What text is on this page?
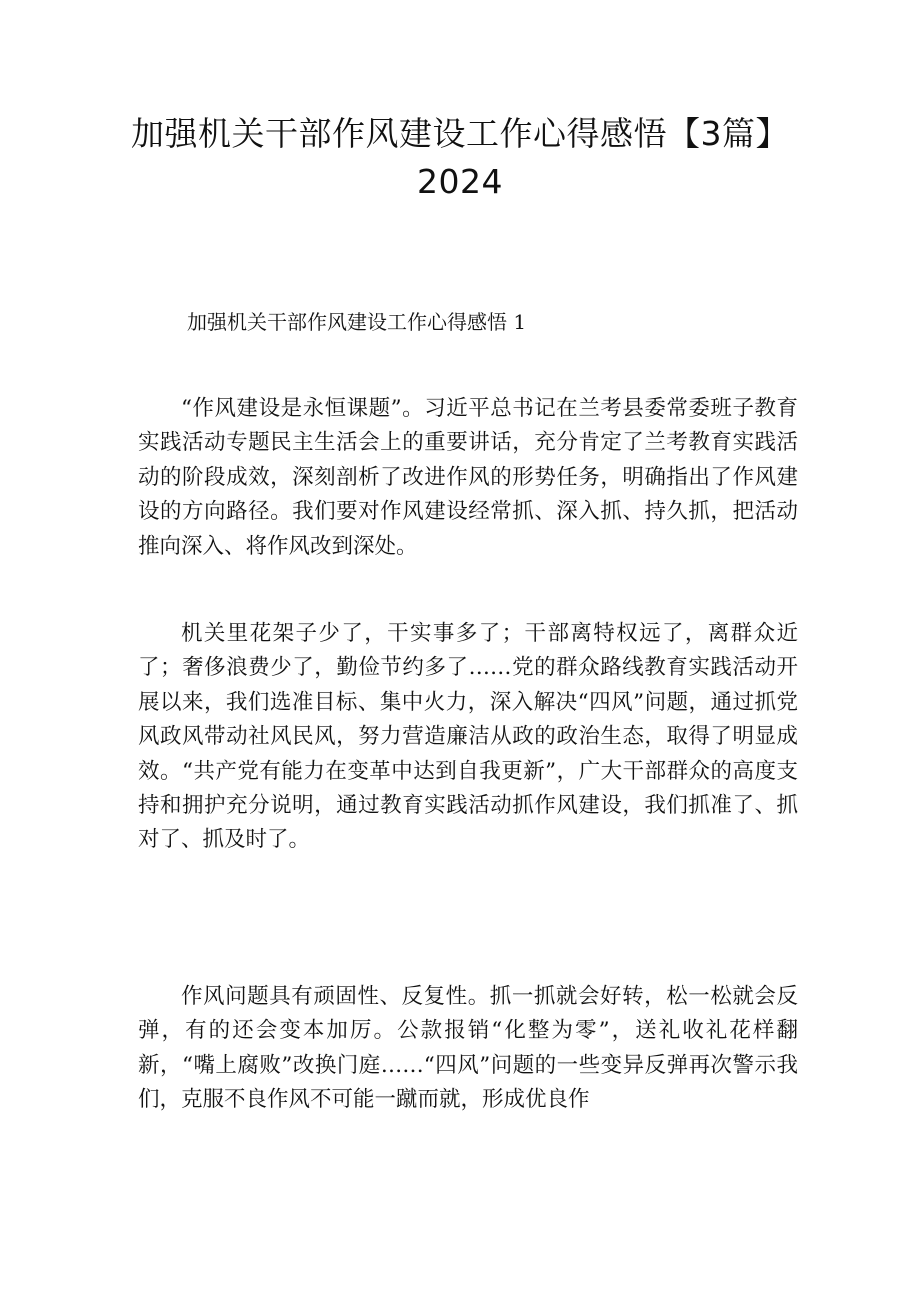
加强机关干部作风建设工作心得感悟【3篇】
2024

加强机关干部作风建设工作心得感悟 1

“作风建设是永恒课题”。习近平总书记在兰考县委常委班子教育实践活动专题民主生活会上的重要讲话，充分肯定了兰考教育实践活动的阶段成效，深刻剖析了改进作风的形势任务，明确指出了作风建设的方向路径。我们要对作风建设经常抓、深入抓、持久抓，把活动推向深入、将作风改到深处。

机关里花架子少了，干实事多了；干部离特权远了，离群众近了；奢侈浪费少了，勤俭节约多了……党的群众路线教育实践活动开展以来，我们选准目标、集中火力，深入解决“四风”问题，通过抓党风政风带动社风民风，努力营造廉洁从政的政治生态，取得了明显成效。“共产党有能力在变革中达到自我更新”，广大干部群众的高度支持和拥护充分说明，通过教育实践活动抓作风建设，我们抓准了、抓对了、抓及时了。

作风问题具有顽固性、反复性。抓一抓就会好转，松一松就会反弹，有的还会变本加厉。公款报销“化整为零”，送礼收礼花样翻新，“嘴上腐败”改换门庭……“四风”问题的一些变异反弹再次警示我们，克服不良作风不可能一蹴而就，形成优良作
